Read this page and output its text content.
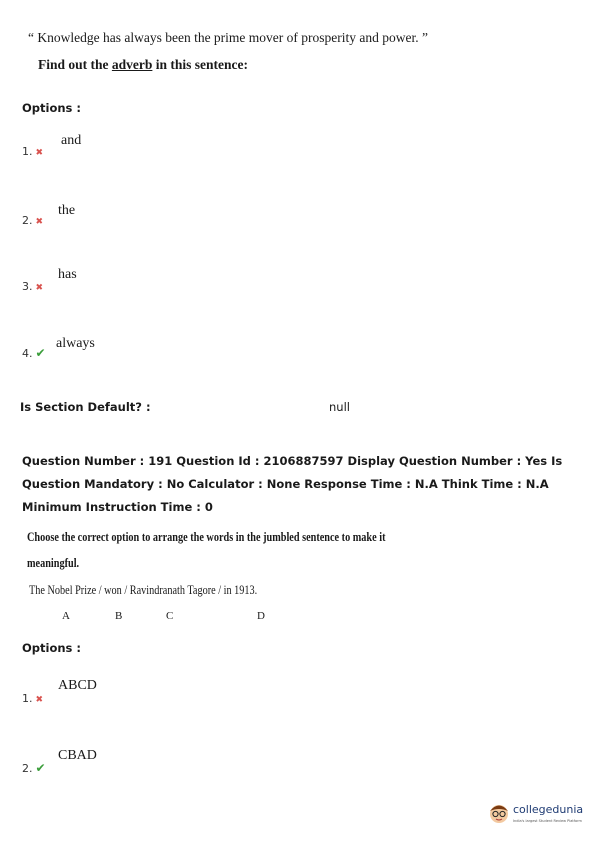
“ Knowledge has always been the prime mover of prosperity and power. ”
Find out the adverb in this sentence:
Options :
1. ✖
and
2. ✖
the
3. ✖
has
4. ✔
always
Is Section Default? :	null
Question Number : 191 Question Id : 2106887597 Display Question Number : Yes Is Question Mandatory : No Calculator : None Response Time : N.A Think Time : N.A Minimum Instruction Time : 0
Choose the correct option to arrange the words in the jumbled sentence to make it
meaningful.
The Nobel Prize / won / Ravindranath Tagore / in 1913.
A	B	C	D
Options :
1. ✖
ABCD
2. ✔
CBAD
collegedunia
India's largest Student Review Platform
